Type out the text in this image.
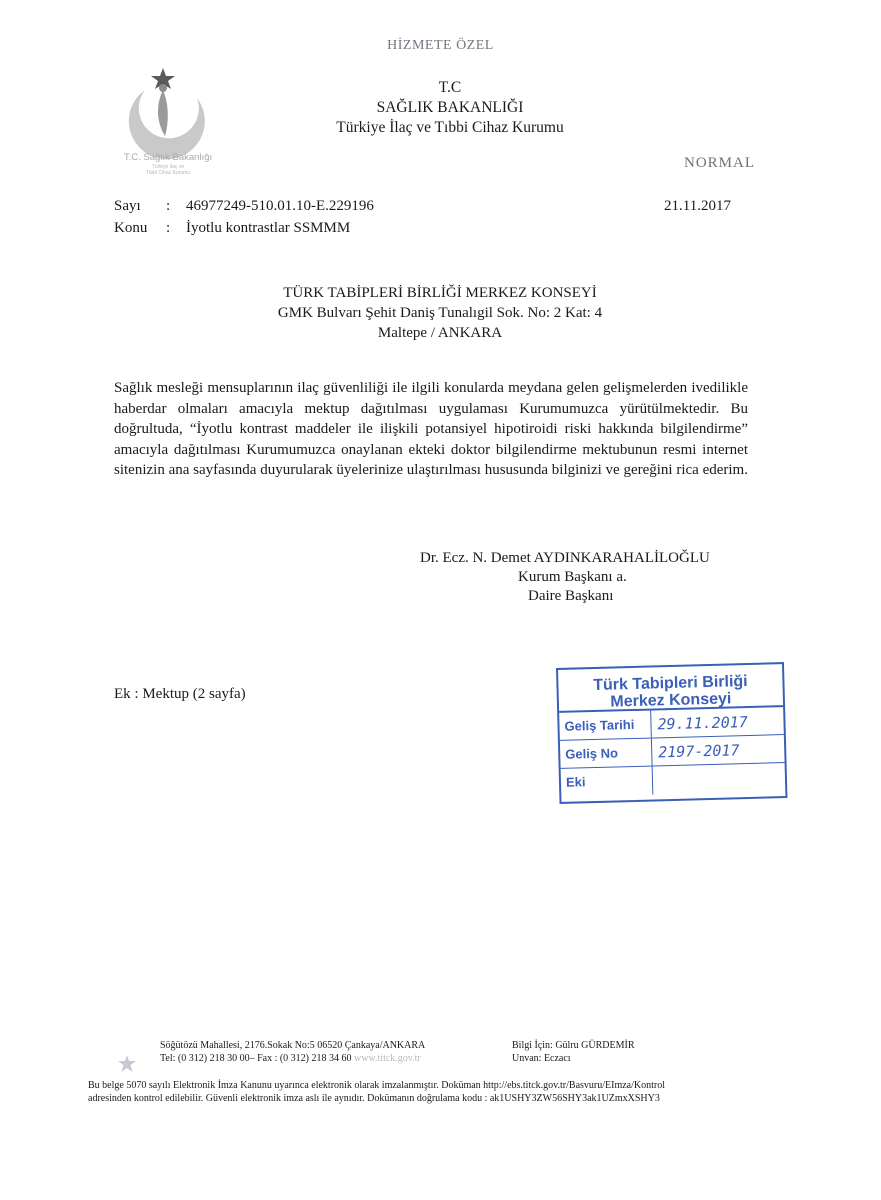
HİZMETE ÖZEL
T.C. Sağlık Bakanlığı
Türkiye İlaç ve
Tıbbi Cihaz Kurumu
T.C
SAĞLIK BAKANLIĞI
Türkiye İlaç ve Tıbbi Cihaz Kurumu
NORMAL
21.11.2017
Sayı : 46977249-510.01.10-E.229196
Konu : İyotlu kontrastlar SSMMM
TÜRK TABİPLERİ BİRLİĞİ MERKEZ KONSEYİ
GMK Bulvarı Şehit Daniş Tunalıgil Sok. No: 2 Kat: 4
Maltepe / ANKARA
Sağlık mesleği mensuplarının ilaç güvenliliği ile ilgili konularda meydana gelen gelişmelerden ivedilikle haberdar olmaları amacıyla mektup dağıtılması uygulaması Kurumumuzca yürütülmektedir. Bu doğrultuda, “İyotlu kontrast maddeler ile ilişkili potansiyel hipotiroidi riski hakkında bilgilendirme” amacıyla dağıtılması Kurumumuzca onaylanan ekteki doktor bilgilendirme mektubunun resmi internet sitenizin ana sayfasında duyurularak üyelerinize ulaştırılması hususunda bilginizi ve gereğini rica ederim.
Dr. Ecz. N. Demet AYDINKARAHALİLOĞLU
Kurum Başkanı a.
Daire Başkanı
Ek : Mektup (2 sayfa)	Türk Tabipleri Birliği
Merkez Konseyi
Geliş Tarihi	29.11.2017
Geliş No	2197-2017
Eki
Söğütözü Mahallesi, 2176.Sokak No:5 06520 Çankaya/ANKARA
Tel: (0 312) 218 30 00– Fax : (0 312) 218 34 60 www.titck.gov.tr
Bilgi İçin: Gülru GÜRDEMİR
Unvan: Eczacı
Bu belge 5070 sayılı Elektronik İmza Kanunu uyarınca elektronik olarak imzalanmıştır. Doküman http://ebs.titck.gov.tr/Basvuru/EImza/Kontrol
adresinden kontrol edilebilir. Güvenli elektronik imza aslı ile aynıdır. Dokümanın doğrulama kodu : ak1USHY3ZW56SHY3ak1UZmxXSHY3
